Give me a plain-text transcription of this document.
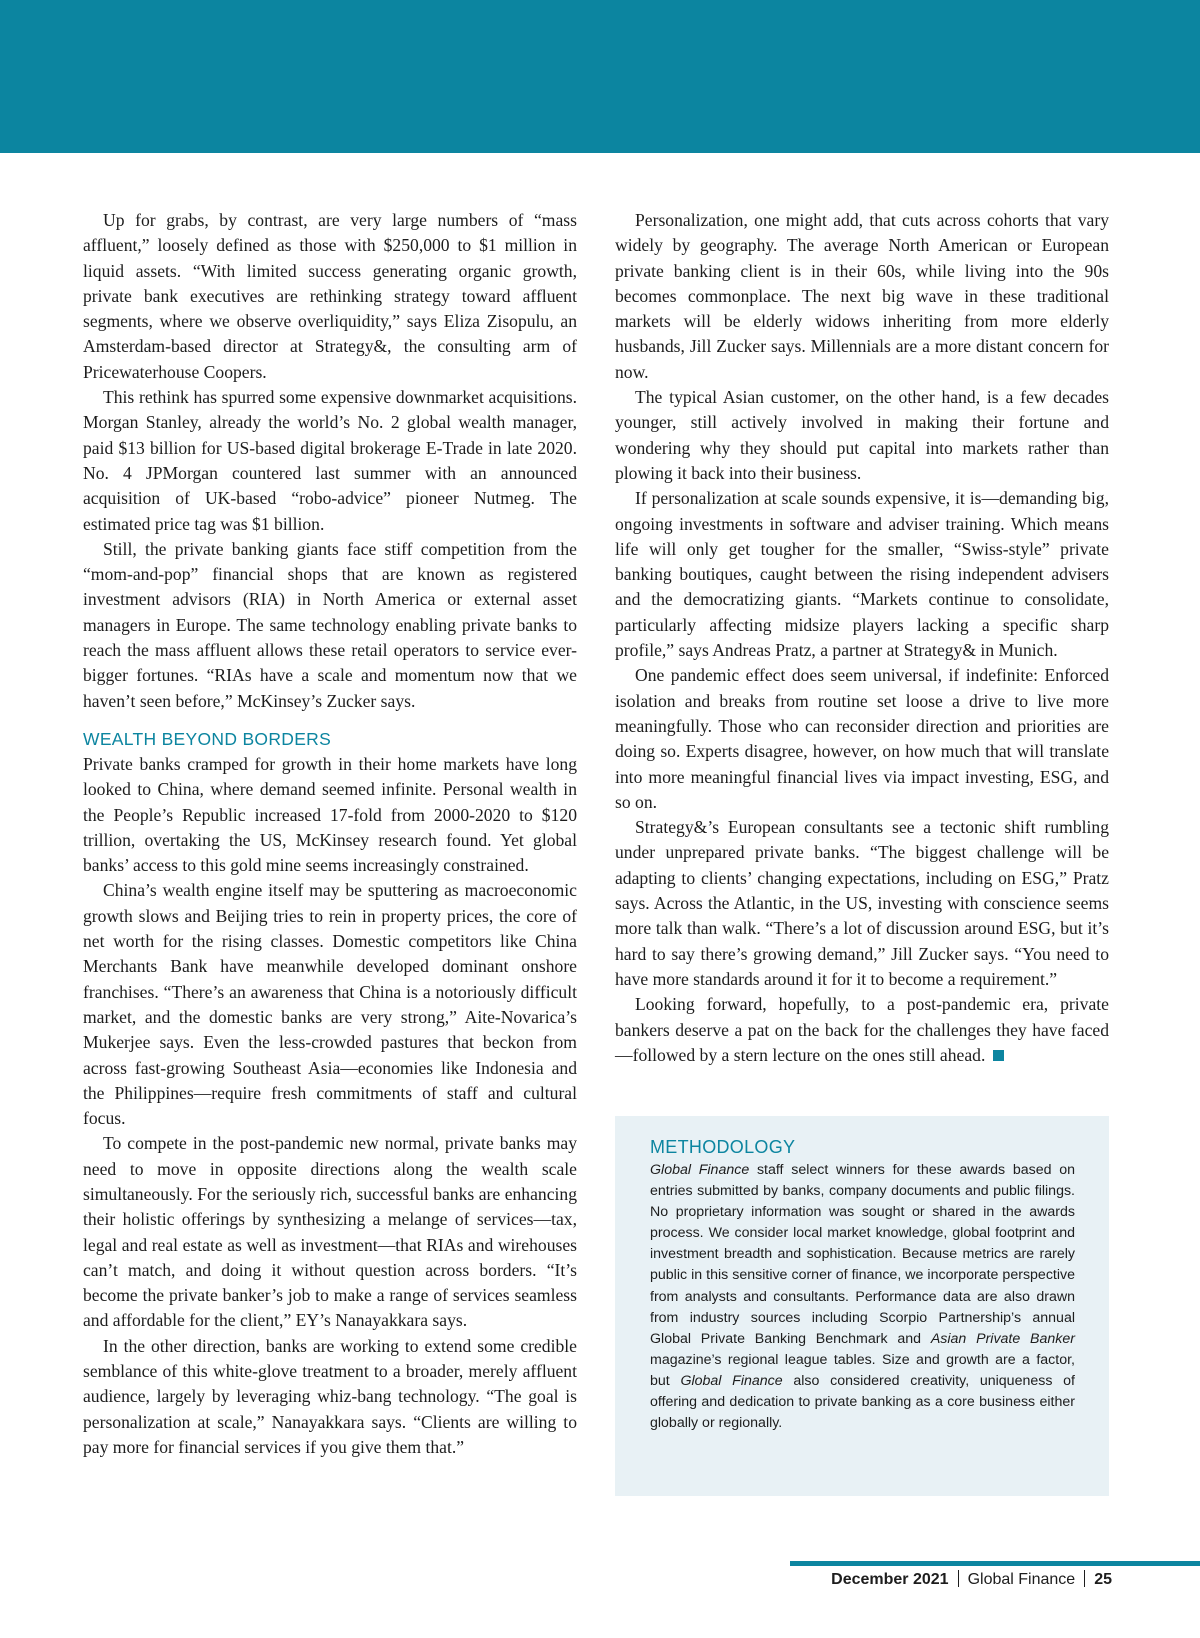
Up for grabs, by contrast, are very large numbers of “mass affluent,” loosely defined as those with $250,000 to $1 million in liquid assets. “With limited success generating organic growth, private bank executives are rethinking strategy toward affluent segments, where we observe overliquidity,” says Eliza Zisopulu, an Amsterdam-based director at Strategy&, the consulting arm of Pricewaterhouse Coopers.

This rethink has spurred some expensive downmarket acquisitions. Morgan Stanley, already the world’s No. 2 global wealth manager, paid $13 billion for US-based digital brokerage E-Trade in late 2020. No. 4 JPMorgan countered last summer with an announced acquisition of UK-based “robo-advice” pioneer Nutmeg. The estimated price tag was $1 billion.

Still, the private banking giants face stiff competition from the “mom-and-pop” financial shops that are known as registered investment advisors (RIA) in North America or external asset managers in Europe. The same technology enabling private banks to reach the mass affluent allows these retail operators to service ever-bigger fortunes. “RIAs have a scale and momentum now that we haven’t seen before,” McKinsey’s Zucker says.

WEALTH BEYOND BORDERS

Private banks cramped for growth in their home markets have long looked to China, where demand seemed infinite. Personal wealth in the People’s Republic increased 17-fold from 2000-2020 to $120 trillion, overtaking the US, McKinsey research found. Yet global banks’ access to this gold mine seems increasingly constrained.

China’s wealth engine itself may be sputtering as macroeconomic growth slows and Beijing tries to rein in property prices, the core of net worth for the rising classes. Domestic competitors like China Merchants Bank have meanwhile developed dominant onshore franchises. “There’s an awareness that China is a notoriously difficult market, and the domestic banks are very strong,” Aite-Novarica’s Mukerjee says. Even the less-crowded pastures that beckon from across fast-growing Southeast Asia—economies like Indonesia and the Philippines—require fresh commitments of staff and cultural focus.

To compete in the post-pandemic new normal, private banks may need to move in opposite directions along the wealth scale simultaneously. For the seriously rich, successful banks are enhancing their holistic offerings by synthesizing a melange of services—tax, legal and real estate as well as investment—that RIAs and wirehouses can’t match, and doing it without question across borders. “It’s become the private banker’s job to make a range of services seamless and affordable for the client,” EY’s Nanayakkara says.

In the other direction, banks are working to extend some credible semblance of this white-glove treatment to a broader, merely affluent audience, largely by leveraging whiz-bang technology. “The goal is personalization at scale,” Nanayakkara says. “Clients are willing to pay more for financial services if you give them that.”

Personalization, one might add, that cuts across cohorts that vary widely by geography. The average North American or European private banking client is in their 60s, while living into the 90s becomes commonplace. The next big wave in these traditional markets will be elderly widows inheriting from more elderly husbands, Jill Zucker says. Millennials are a more distant concern for now.

The typical Asian customer, on the other hand, is a few decades younger, still actively involved in making their fortune and wondering why they should put capital into markets rather than plowing it back into their business.

If personalization at scale sounds expensive, it is—demanding big, ongoing investments in software and adviser training. Which means life will only get tougher for the smaller, “Swiss-style” private banking boutiques, caught between the rising independent advisers and the democratizing giants. “Markets continue to consolidate, particularly affecting midsize players lacking a specific sharp profile,” says Andreas Pratz, a partner at Strategy& in Munich.

One pandemic effect does seem universal, if indefinite: Enforced isolation and breaks from routine set loose a drive to live more meaningfully. Those who can reconsider direction and priorities are doing so. Experts disagree, however, on how much that will translate into more meaningful financial lives via impact investing, ESG, and so on.

Strategy&’s European consultants see a tectonic shift rumbling under unprepared private banks. “The biggest challenge will be adapting to clients’ changing expectations, including on ESG,” Pratz says. Across the Atlantic, in the US, investing with conscience seems more talk than walk. “There’s a lot of discussion around ESG, but it’s hard to say there’s growing demand,” Jill Zucker says. “You need to have more standards around it for it to become a requirement.”

Looking forward, hopefully, to a post-pandemic era, private bankers deserve a pat on the back for the challenges they have faced—followed by a stern lecture on the ones still ahead.

METHODOLOGY

Global Finance staff select winners for these awards based on entries submitted by banks, company documents and public filings. No proprietary information was sought or shared in the awards process. We consider local market knowledge, global footprint and investment breadth and sophistication. Because metrics are rarely public in this sensitive corner of finance, we incorporate perspective from analysts and consultants. Performance data are also drawn from industry sources including Scorpio Partnership’s annual Global Private Banking Benchmark and Asian Private Banker magazine’s regional league tables. Size and growth are a factor, but Global Finance also considered creativity, uniqueness of offering and dedication to private banking as a core business either globally or regionally.

December 2021 Global Finance 25
